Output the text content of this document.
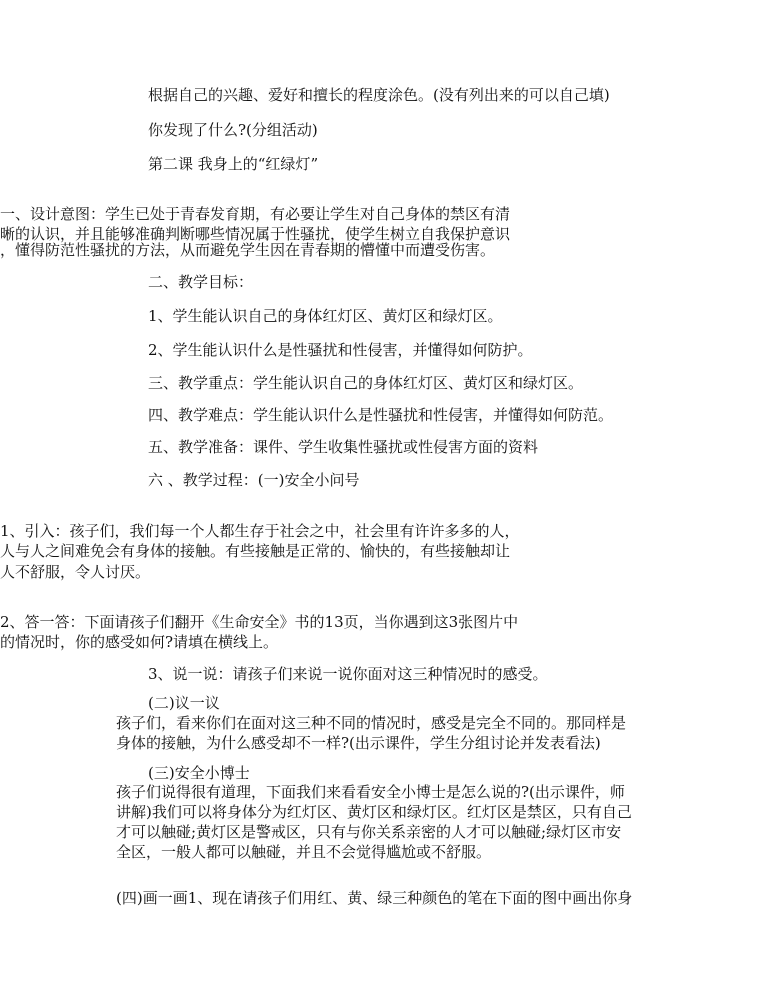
根据自己的兴趣、爱好和擅长的程度涂色。(没有列出来的可以自己填)
你发现了什么?(分组活动)
第二课 我身上的“红绿灯”
一、设计意图：学生已处于青春发育期，有必要让学生对自己身体的禁区有清
晰的认识，并且能够准确判断哪些情况属于性骚扰，使学生树立自我保护意识
，懂得防范性骚扰的方法，从而避免学生因在青春期的懵懂中而遭受伤害。
二、教学目标：
1、学生能认识自己的身体红灯区、黄灯区和绿灯区。
2、学生能认识什么是性骚扰和性侵害，并懂得如何防护。
三、教学重点：学生能认识自己的身体红灯区、黄灯区和绿灯区。
四、教学难点：学生能认识什么是性骚扰和性侵害，并懂得如何防范。
五、教学准备：课件、学生收集性骚扰或性侵害方面的资料
六 、教学过程：(一)安全小问号
1、引入：孩子们，我们每一个人都生存于社会之中，社会里有许许多多的人，
人与人之间难免会有身体的接触。有些接触是正常的、愉快的，有些接触却让
人不舒服，令人讨厌。
2、答一答：下面请孩子们翻开《生命安全》书的13页，当你遇到这3张图片中
的情况时，你的感受如何?请填在横线上。
3、说一说：请孩子们来说一说你面对这三种情况时的感受。
(二)议一议
孩子们，看来你们在面对这三种不同的情况时，感受是完全不同的。那同样是
身体的接触，为什么感受却不一样?(出示课件，学生分组讨论并发表看法)
(三)安全小博士
孩子们说得很有道理，下面我们来看看安全小博士是怎么说的?(出示课件，师
讲解)我们可以将身体分为红灯区、黄灯区和绿灯区。红灯区是禁区，只有自己
才可以触碰;黄灯区是警戒区，只有与你关系亲密的人才可以触碰;绿灯区市安
全区，一般人都可以触碰，并且不会觉得尴尬或不舒服。
(四)画一画1、现在请孩子们用红、黄、绿三种颜色的笔在下面的图中画出你身
